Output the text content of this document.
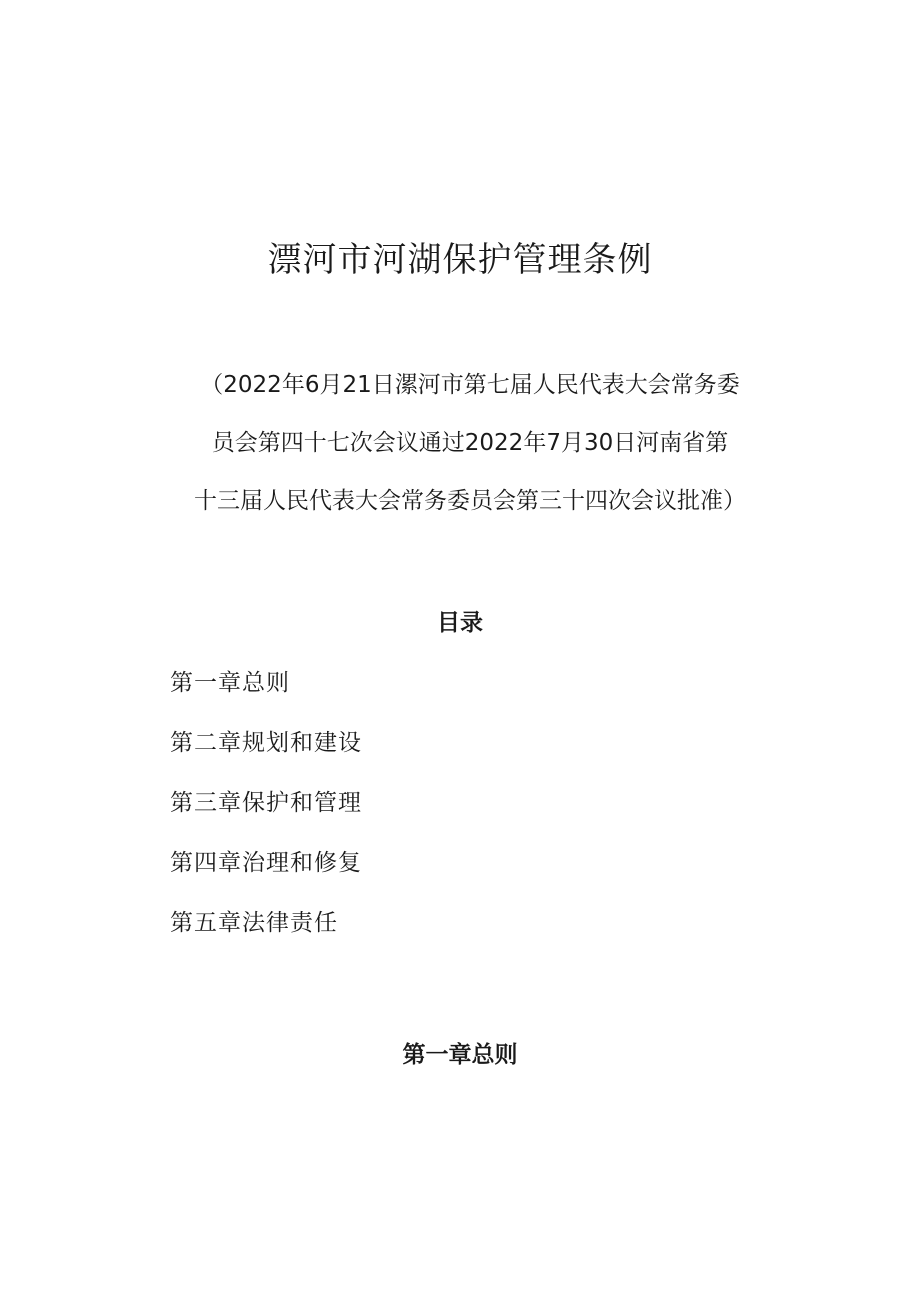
漂河市河湖保护管理条例

（2022年6月21日漯河市第七届人民代表大会常务委
员会第四十七次会议通过2022年7月30日河南省第
十三届人民代表大会常务委员会第三十四次会议批准）

目录
第一章总则
第二章规划和建设
第三章保护和管理
第四章治理和修复
第五章法律责任
第一章总则
